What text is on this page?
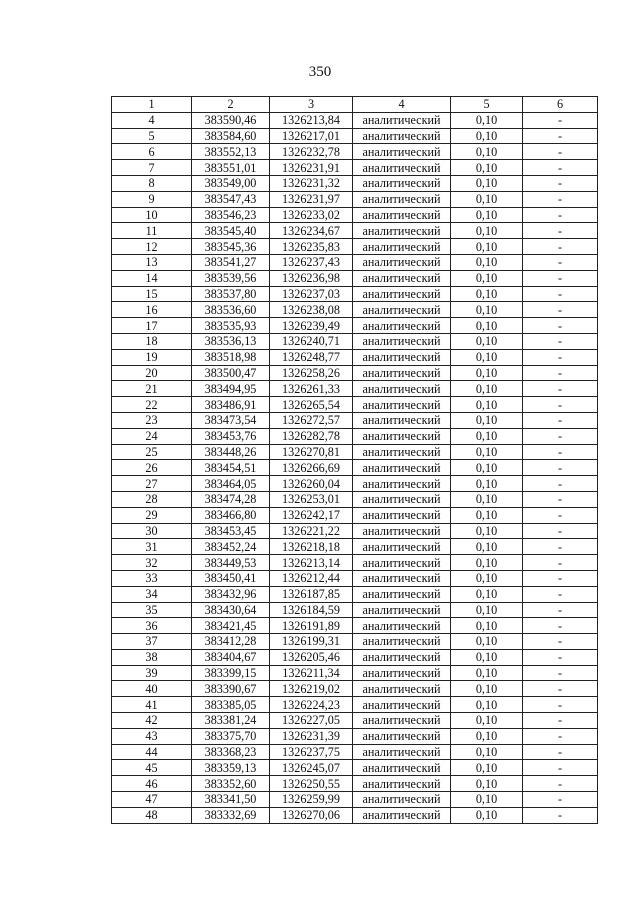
350
1	2	3	4	5	6
4	383590,46	1326213,84	аналитический	0,10	-
5	383584,60	1326217,01	аналитический	0,10	-
6	383552,13	1326232,78	аналитический	0,10	-
7	383551,01	1326231,91	аналитический	0,10	-
8	383549,00	1326231,32	аналитический	0,10	-
9	383547,43	1326231,97	аналитический	0,10	-
10	383546,23	1326233,02	аналитический	0,10	-
11	383545,40	1326234,67	аналитический	0,10	-
12	383545,36	1326235,83	аналитический	0,10	-
13	383541,27	1326237,43	аналитический	0,10	-
14	383539,56	1326236,98	аналитический	0,10	-
15	383537,80	1326237,03	аналитический	0,10	-
16	383536,60	1326238,08	аналитический	0,10	-
17	383535,93	1326239,49	аналитический	0,10	-
18	383536,13	1326240,71	аналитический	0,10	-
19	383518,98	1326248,77	аналитический	0,10	-
20	383500,47	1326258,26	аналитический	0,10	-
21	383494,95	1326261,33	аналитический	0,10	-
22	383486,91	1326265,54	аналитический	0,10	-
23	383473,54	1326272,57	аналитический	0,10	-
24	383453,76	1326282,78	аналитический	0,10	-
25	383448,26	1326270,81	аналитический	0,10	-
26	383454,51	1326266,69	аналитический	0,10	-
27	383464,05	1326260,04	аналитический	0,10	-
28	383474,28	1326253,01	аналитический	0,10	-
29	383466,80	1326242,17	аналитический	0,10	-
30	383453,45	1326221,22	аналитический	0,10	-
31	383452,24	1326218,18	аналитический	0,10	-
32	383449,53	1326213,14	аналитический	0,10	-
33	383450,41	1326212,44	аналитический	0,10	-
34	383432,96	1326187,85	аналитический	0,10	-
35	383430,64	1326184,59	аналитический	0,10	-
36	383421,45	1326191,89	аналитический	0,10	-
37	383412,28	1326199,31	аналитический	0,10	-
38	383404,67	1326205,46	аналитический	0,10	-
39	383399,15	1326211,34	аналитический	0,10	-
40	383390,67	1326219,02	аналитический	0,10	-
41	383385,05	1326224,23	аналитический	0,10	-
42	383381,24	1326227,05	аналитический	0,10	-
43	383375,70	1326231,39	аналитический	0,10	-
44	383368,23	1326237,75	аналитический	0,10	-
45	383359,13	1326245,07	аналитический	0,10	-
46	383352,60	1326250,55	аналитический	0,10	-
47	383341,50	1326259,99	аналитический	0,10	-
48	383332,69	1326270,06	аналитический	0,10	-
